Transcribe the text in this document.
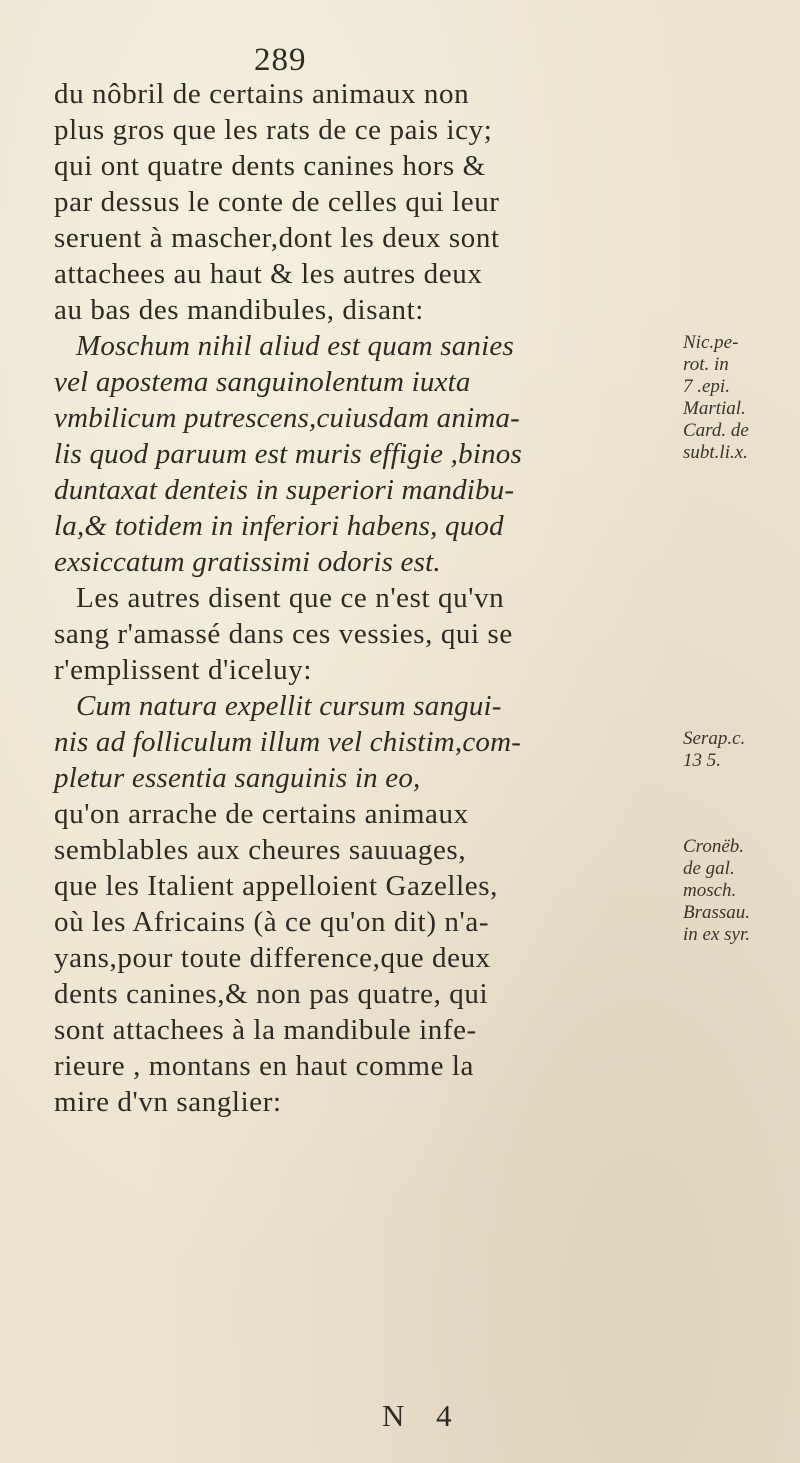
289
du nôbril de certains animaux non
plus gros que les rats de ce pais icy;
qui ont quatre dents canines hors &
par dessus le conte de celles qui leur
seruent à mascher,dont les deux sont
attachees au haut & les autres deux
au bas des mandibules, disant:
Moschum nihil aliud est quam sanies
vel apostema sanguinolentum iuxta
vmbilicum putrescens,cuiusdam anima-
lis quod paruum est muris effigie ,binos
duntaxat denteis in superiori mandibu-
la,& totidem in inferiori habens, quod
exsiccatum gratissimi odoris est.
Les autres disent que ce n'est qu'vn
sang r'amassé dans ces vessies, qui se
r'emplissent d'iceluy:
Cum natura expellit cursum sangui-
nis ad folliculum illum vel chistim,com-
pletur essentia sanguinis in eo,
qu'on arrache de certains animaux
semblables aux cheures sauuages,
que les Italient appelloient Gazelles,
où les Africains (à ce qu'on dit) n'a-
yans,pour toute difference,que deux
dents canines,& non pas quatre, qui
sont attachees à la mandibule infe-
rieure , montans en haut comme la
mire d'vn sanglier:
Nic.pe-
rot. in
7 .epi.
Martial.
Card. de
subt.li.x.
Serap.c.
13 5.
Cronëb.
de gal.
mosch.
Brassau.
in ex syr.
N 4
